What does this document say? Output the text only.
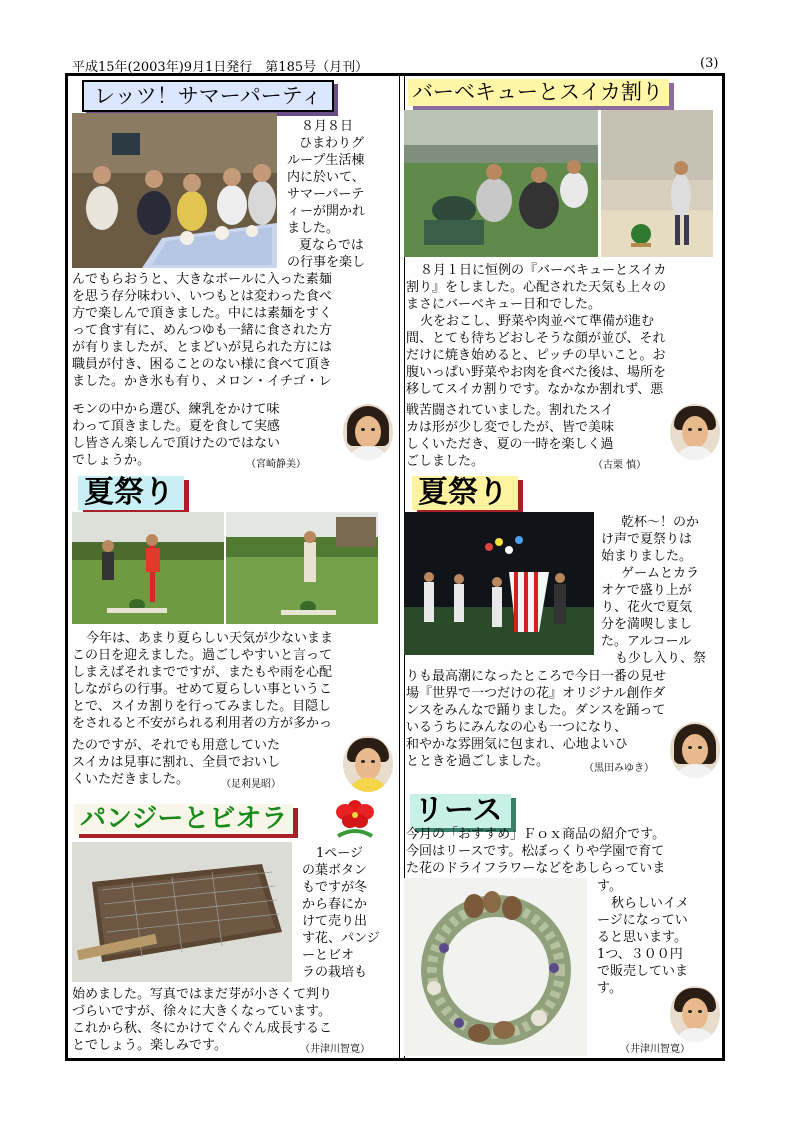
平成15年(2003年)9月1日発行　第185号（月刊）	(3)
レッツ！サマーパーティ
８月８日
ひまわりグ
ループ生活棟
内に於いて、
サマーパーテ
ィーが開かれ
ました。
夏ならでは
の行事を楽し
んでもらおうと、大きなボールに入った素麺
を思う存分味わい、いつもとは変わった食べ
方で楽しんで頂きました。中には素麺をすく
って食す有に、めんつゆも一緒に食された方
が有りましたが、とまどいが見られた方には
職員が付き、困ることのない様に食べて頂き
ました。かき氷も有り、メロン・イチゴ・レ
モンの中から選び、練乳をかけて味
わって頂きました。夏を食して実感
し皆さん楽しんで頂けたのではない
でしょうか。	（宮崎静美）
バーベキューとスイカ割り
８月１日に恒例の『バーベキューとスイカ
割り』をしました。心配された天気も上々の
まさにバーベキュー日和でした。
火をおこし、野菜や肉並べて準備が進む
間、とても待ちどおしそうな顔が並び、それ
だけに焼き始めると、ピッチの早いこと。お
腹いっぱい野菜やお肉を食べた後は、場所を
移してスイカ割りです。なかなか割れず、悪
戦苦闘されていました。割れたスイ
カは形が少し変でしたが、皆で美味
しくいただき、夏の一時を楽しく過
ごしました。	（古栗 慎）
夏祭り
今年は、あまり夏らしい天気が少ないまま
この日を迎えました。過ごしやすいと言って
しまえばそれまでですが、またもや雨を心配
しながらの行事。せめて夏らしい事というこ
とで、スイカ割りを行ってみました。目隠し
をされると不安がられる利用者の方が多かっ
たのですが、それでも用意していた
スイカは見事に割れ、全員でおいし
くいただきました。	（足利晃昭）
夏祭り
乾杯～！のか
け声で夏祭りは
始まりました。
ゲームとカラ
オケで盛り上が
り、花火で夏気
分を満喫しまし
た。アルコール
も少し入り、祭
りも最高潮になったところで今日一番の見せ
場『世界で一つだけの花』オリジナル創作ダ
ンスをみんなで踊りました。ダンスを踊って
いるうちにみんなの心も一つになり、
和やかな雰囲気に包まれ、心地よいひ
とときを過ごしました。	（黒田みゆき）
パンジーとビオラ
1ページ
の葉ボタン
もですが冬
から春にか
けて売り出
す花、パンジ
ーとビオ
ラの栽培も
始めました。写真ではまだ芽が小さくて判り
づらいですが、徐々に大きくなっています。
これから秋、冬にかけてぐんぐん成長するこ
とでしょう。楽しみです。	（井津川智寛）
リース
今月の「おすすめ」Ｆｏｘ商品の紹介です。
今回はリースです。松ぼっくりや学園で育て
た花のドライフラワーなどをあしらっていま
す。
秋らしいイメ
ージになってい
ると思います。
1つ、３００円
で販売していま
す。
（井津川智寛）
